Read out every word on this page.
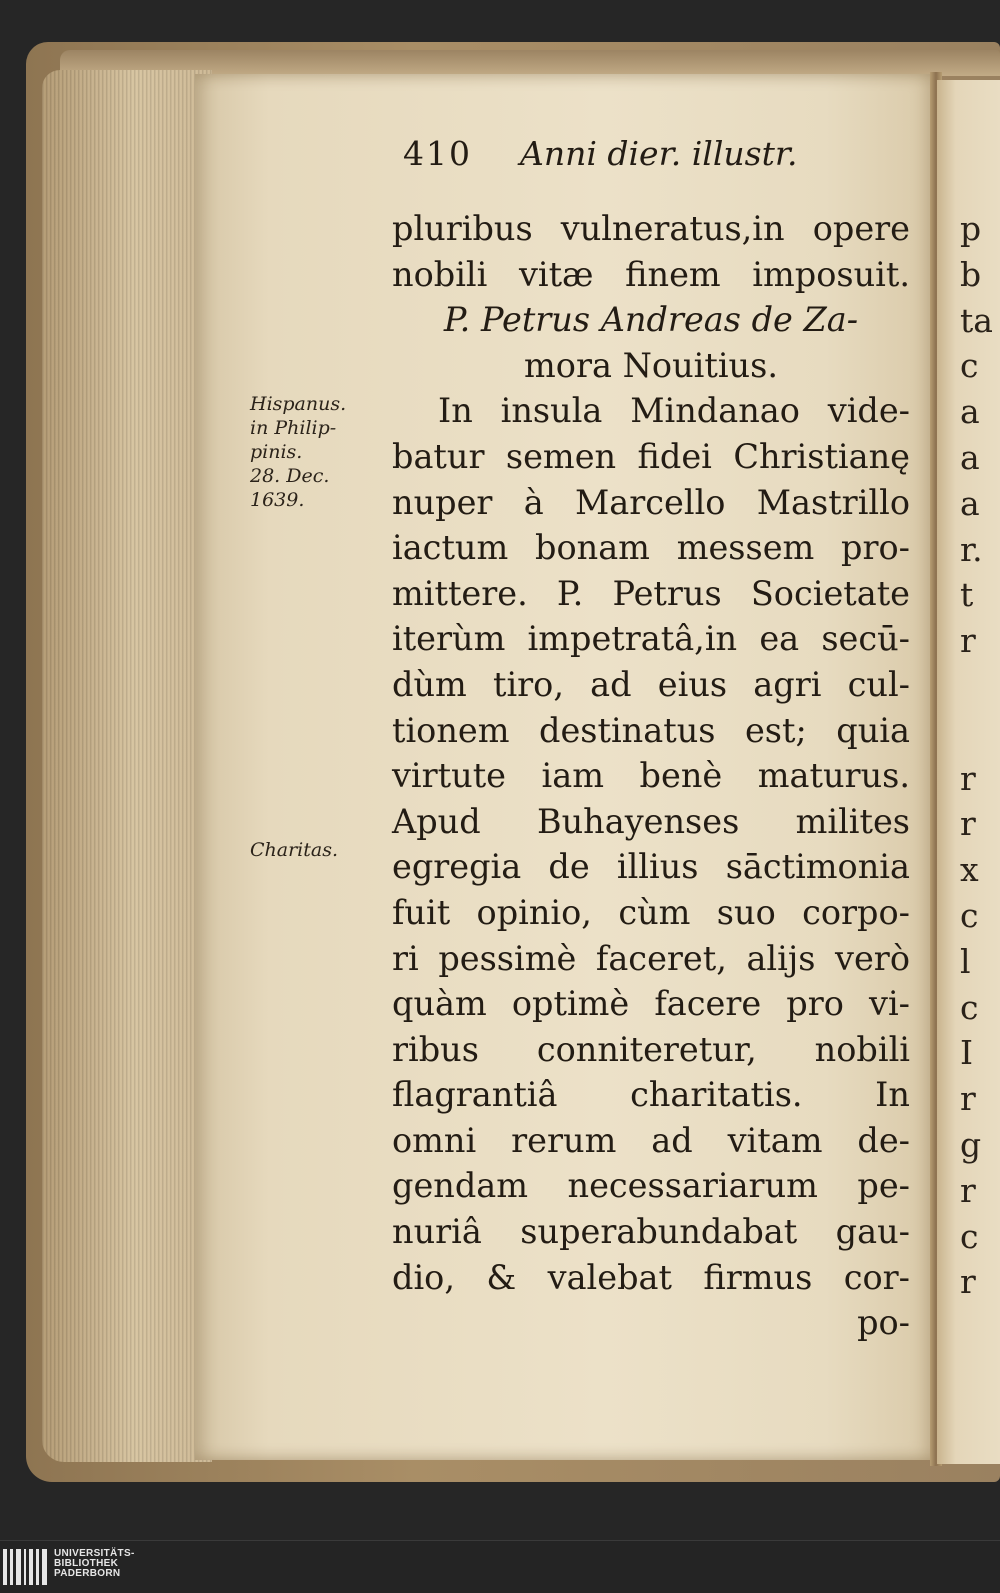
410 Anni dier. illustr.

pluribus vulneratus,in opere
nobili vitæ finem imposuit.
P. Petrus Andreas de Za-
mora Nouitius.
In insula Mindanao vide-
batur semen fidei Christianę
nuper à Marcello Mastrillo
iactum bonam messem pro-
mittere. P. Petrus Societate
iterùm impetratâ,in ea secū-
dùm tiro, ad eius agri cul-
tionem destinatus est; quia
virtute iam benè maturus.
Apud Buhayenses milites
egregia de illius sāctimonia
fuit opinio, cùm suo corpo-
ri pessimè faceret, alijs verò
quàm optimè facere pro vi-
ribus conniteretur, nobili
flagrantiâ charitatis. In
omni rerum ad vitam de-
gendam necessariarum pe-
nuriâ superabundabat gau-
dio, & valebat firmus cor-
po-

Hispanus.
in Philip-
pinis.
28. Dec.
1639.

Charitas.

p
b
ta
c
a
a
a
r.
t
r
r
r
x
c
l
c
I
r
g
r
c
r

UNIVERSITÄTS-

BIBLIOTHEK

PADERBORN
